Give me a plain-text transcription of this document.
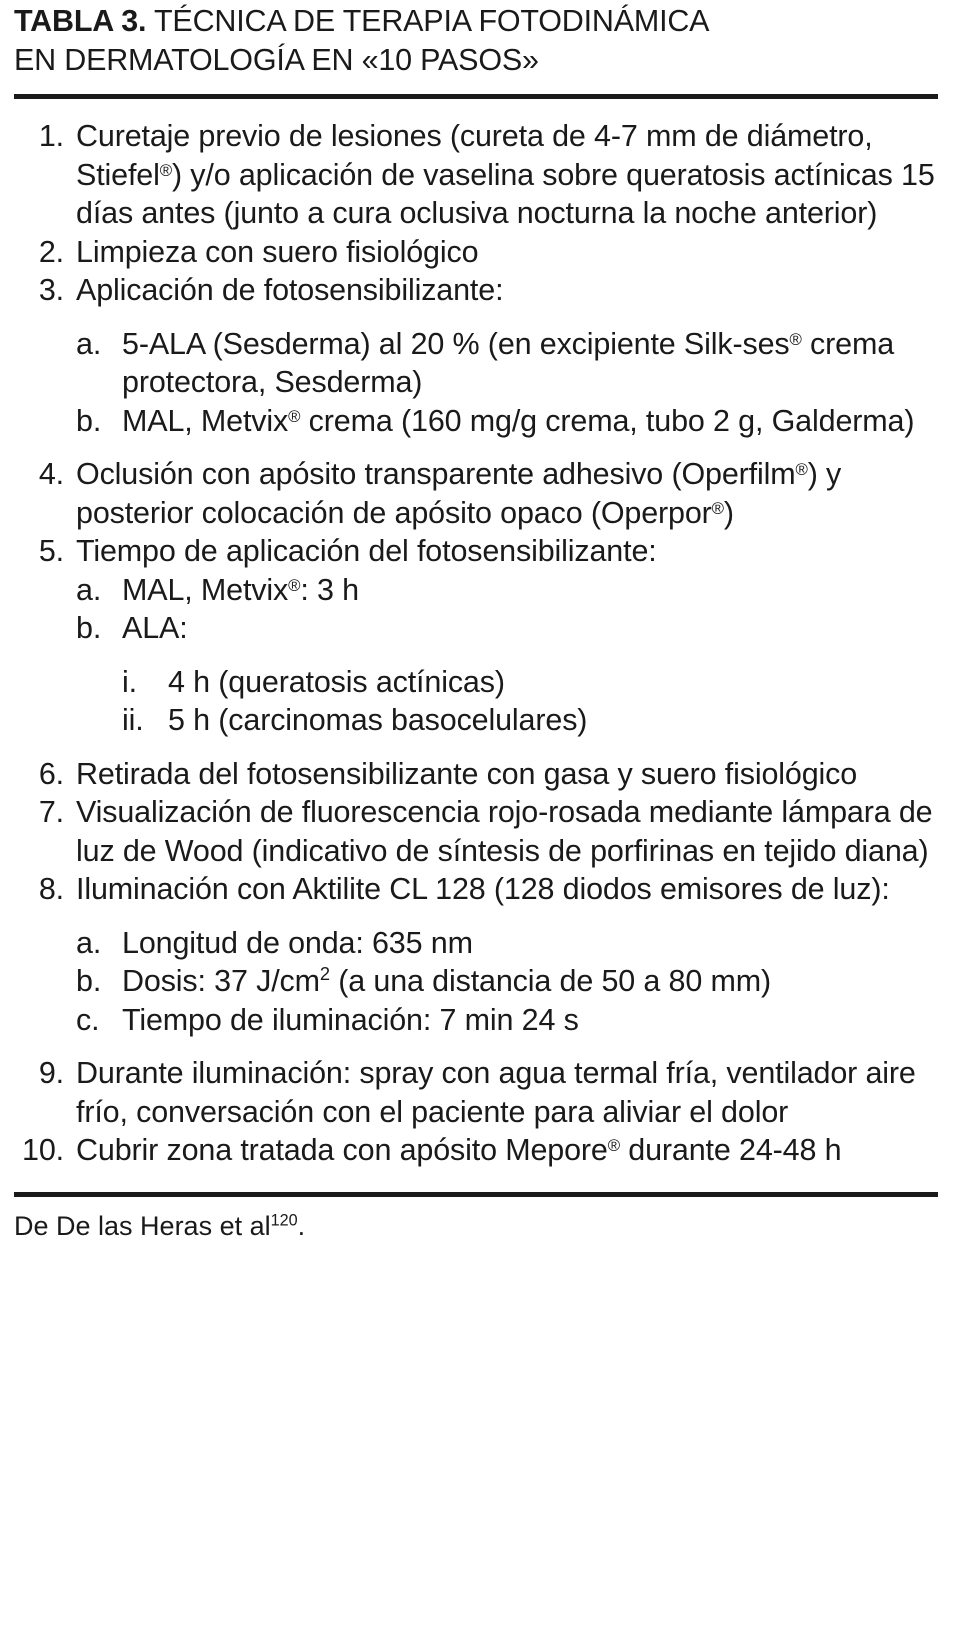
TABLA 3. TÉCNICA DE TERAPIA FOTODINÁMICA
EN DERMATOLOGÍA EN «10 PASOS»
1. Curetaje previo de lesiones (cureta de 4-7 mm de diámetro, Stiefel®) y/o aplicación de vaselina sobre queratosis actínicas 15 días antes (junto a cura oclusiva nocturna la noche anterior)
2. Limpieza con suero fisiológico
3. Aplicación de fotosensibilizante:
a. 5-ALA (Sesderma) al 20 % (en excipiente Silk-ses® crema protectora, Sesderma)
b. MAL, Metvix® crema (160 mg/g crema, tubo 2 g, Galderma)
4. Oclusión con apósito transparente adhesivo (Operfilm®) y posterior colocación de apósito opaco (Operpor®)
5. Tiempo de aplicación del fotosensibilizante:
a. MAL, Metvix®: 3 h
b. ALA:
i. 4 h (queratosis actínicas)
ii. 5 h (carcinomas basocelulares)
6. Retirada del fotosensibilizante con gasa y suero fisiológico
7. Visualización de fluorescencia rojo-rosada mediante lámpara de luz de Wood (indicativo de síntesis de porfirinas en tejido diana)
8. Iluminación con Aktilite CL 128 (128 diodos emisores de luz):
a. Longitud de onda: 635 nm
b. Dosis: 37 $J/cm^2$ (a una distancia de 50 a 80 mm)
c. Tiempo de iluminación: 7 min 24 s
9. Durante iluminación: spray con agua termal fría, ventilador aire frío, conversación con el paciente para aliviar el dolor
10. Cubrir zona tratada con apósito Mepore® durante 24-48 h
De De las Heras et $al^{120}$.
